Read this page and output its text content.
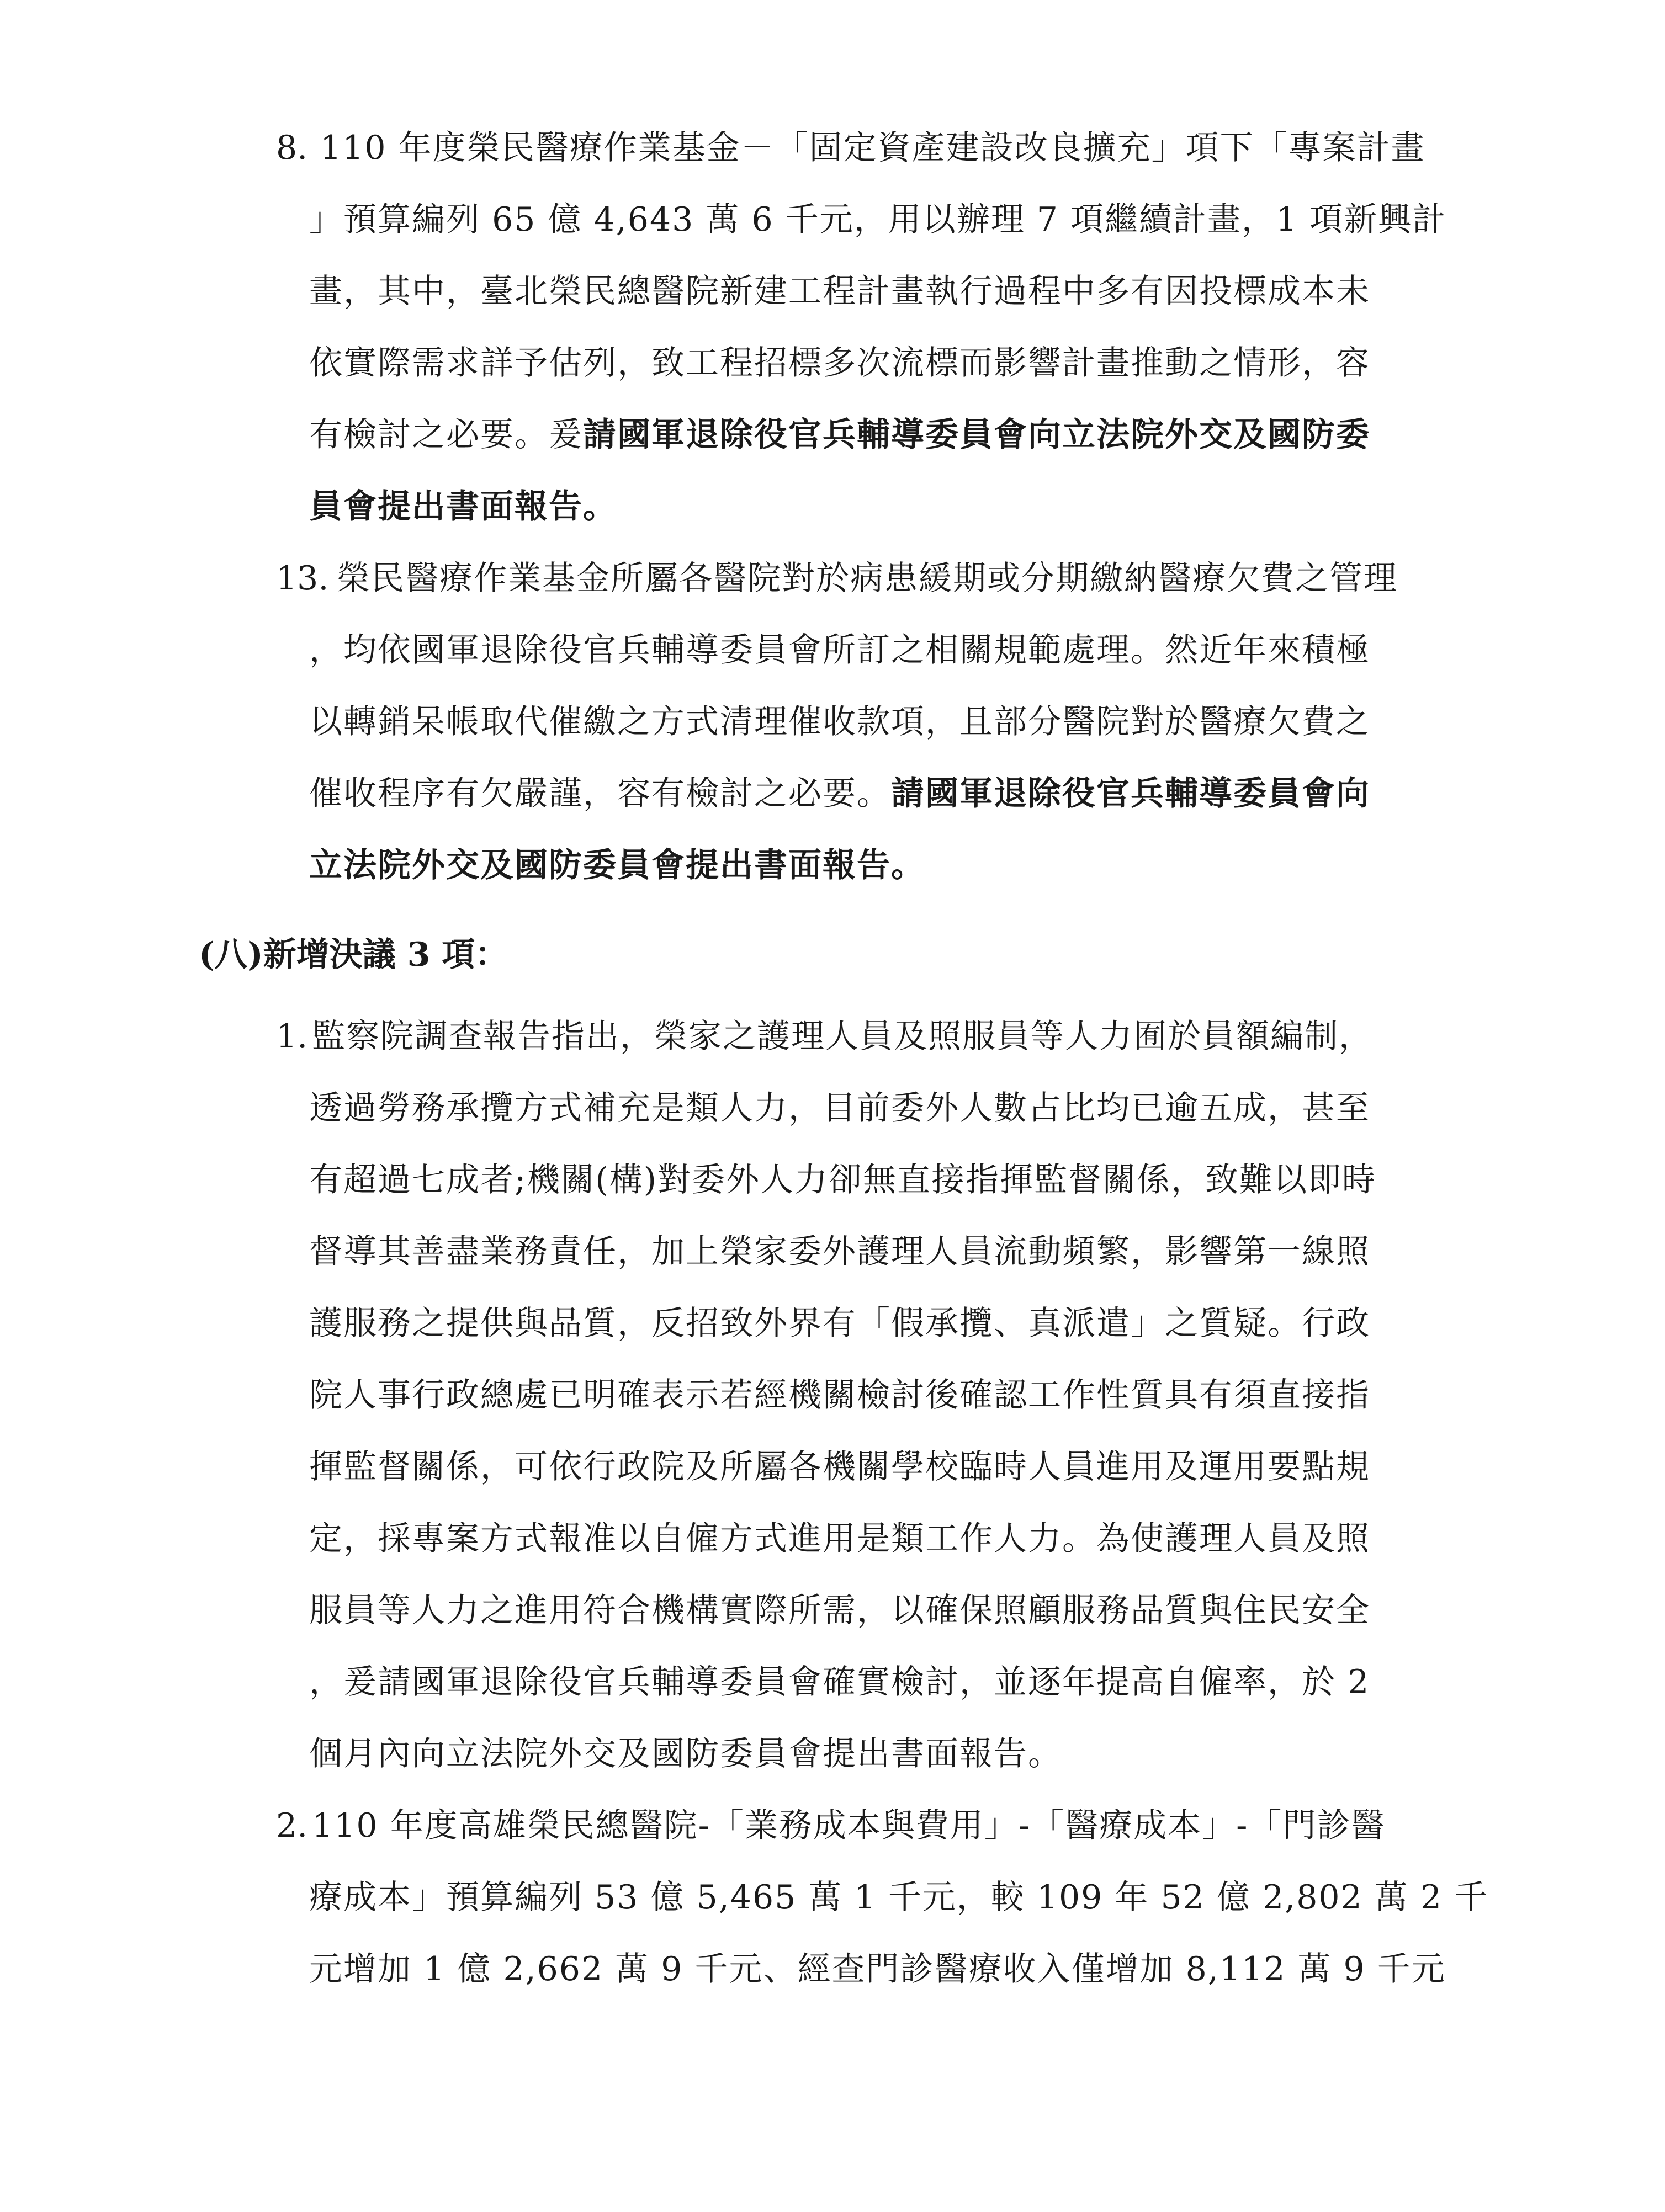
8. 110 年度榮民醫療作業基金－「固定資產建設改良擴充」項下「專案計畫
」預算編列 65 億 4,643 萬 6 千元，用以辦理 7 項繼續計畫，1 項新興計
畫，其中，臺北榮民總醫院新建工程計畫執行過程中多有因投標成本未
依實際需求詳予估列，致工程招標多次流標而影響計畫推動之情形，容
有檢討之必要。爰請國軍退除役官兵輔導委員會向立法院外交及國防委
員會提出書面報告。
13. 榮民醫療作業基金所屬各醫院對於病患緩期或分期繳納醫療欠費之管理
，均依國軍退除役官兵輔導委員會所訂之相關規範處理。然近年來積極
以轉銷呆帳取代催繳之方式清理催收款項，且部分醫院對於醫療欠費之
催收程序有欠嚴謹，容有檢討之必要。請國軍退除役官兵輔導委員會向
立法院外交及國防委員會提出書面報告。
(八)新增決議 3 項：
1. 監察院調查報告指出，榮家之護理人員及照服員等人力囿於員額編制，
透過勞務承攬方式補充是類人力，目前委外人數占比均已逾五成，甚至
有超過七成者;機關(構)對委外人力卻無直接指揮監督關係，致難以即時
督導其善盡業務責任，加上榮家委外護理人員流動頻繁，影響第一線照
護服務之提供與品質，反招致外界有「假承攬、真派遣」之質疑。行政
院人事行政總處已明確表示若經機關檢討後確認工作性質具有須直接指
揮監督關係，可依行政院及所屬各機關學校臨時人員進用及運用要點規
定，採專案方式報准以自僱方式進用是類工作人力。為使護理人員及照
服員等人力之進用符合機構實際所需，以確保照顧服務品質與住民安全
，爰請國軍退除役官兵輔導委員會確實檢討，並逐年提高自僱率，於 2
個月內向立法院外交及國防委員會提出書面報告。
2. 110 年度高雄榮民總醫院-「業務成本與費用」-「醫療成本」-「門診醫
療成本」預算編列 53 億 5,465 萬 1 千元，較 109 年 52 億 2,802 萬 2 千
元增加 1 億 2,662 萬 9 千元、經查門診醫療收入僅增加 8,112 萬 9 千元
